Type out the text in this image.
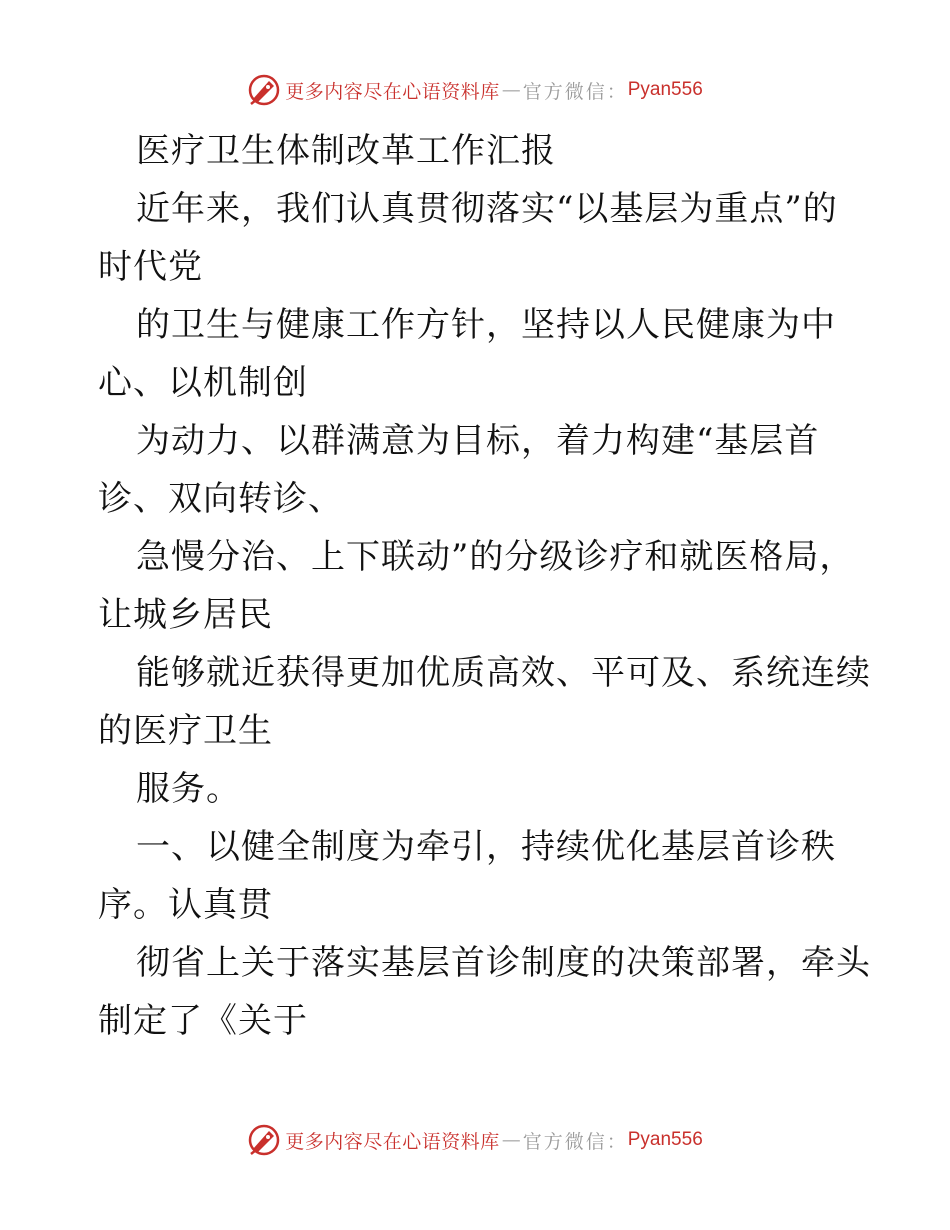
更多内容尽在心语资料库 — 官方微信： Pyan556
医疗卫生体制改革工作汇报
近年来，我们认真贯彻落实“以基层为重点”的
时代党
的卫生与健康工作方针，坚持以人民健康为中
心、以机制创
为动力、以群满意为目标，着力构建“基层首
诊、双向转诊、
急慢分治、上下联动”的分级诊疗和就医格局，
让城乡居民
能够就近获得更加优质高效、平可及、系统连续
的医疗卫生
服务。
一、以健全制度为牵引，持续优化基层首诊秩
序。认真贯
彻省上关于落实基层首诊制度的决策部署，牵头
制定了《关于
更多内容尽在心语资料库 — 官方微信： Pyan556
